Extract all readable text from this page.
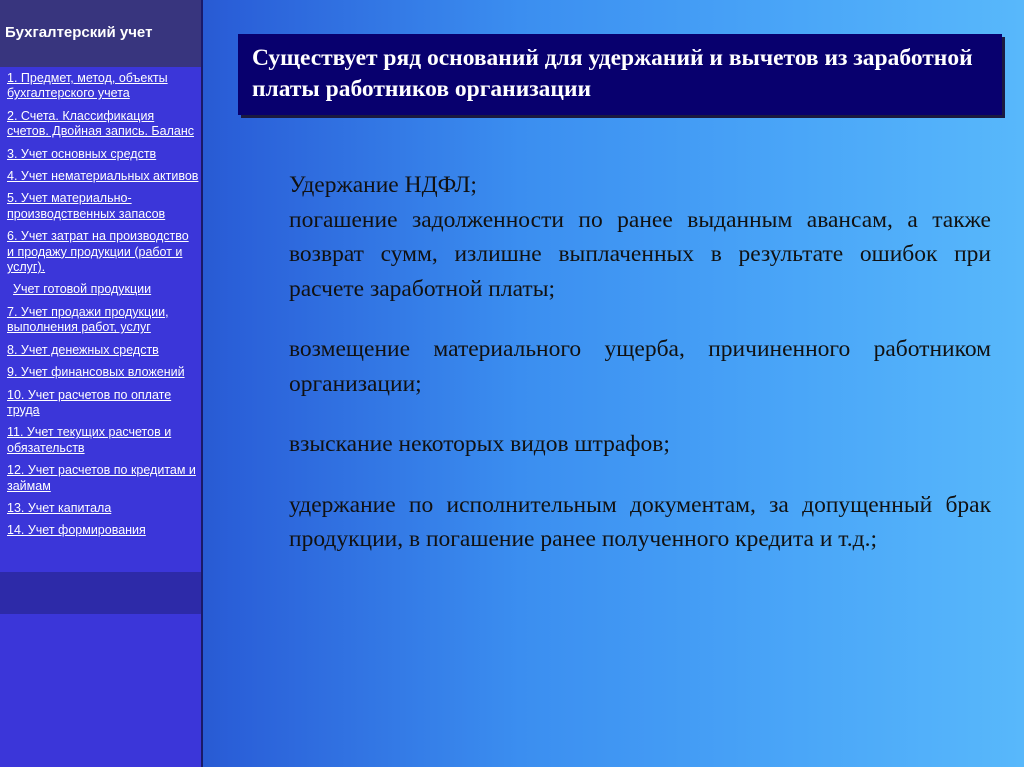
Бухгалтерский учет
1. Предмет, метод, объекты бухгалтерского учета
2. Счета. Классификация счетов. Двойная запись. Баланс
3. Учет основных средств
4. Учет нематериальных активов
5. Учет материально-производственных запасов
6. Учет затрат на производство и продажу продукции (работ и услуг).
Учет готовой продукции
7. Учет продажи продукции, выполнения работ, услуг
8. Учет денежных средств
9. Учет финансовых вложений
10. Учет расчетов по оплате труда
11. Учет текущих расчетов и обязательств
12. Учет расчетов по кредитам и займам
13. Учет капитала
14. Учет формирования
Существует ряд оснований для удержаний и вычетов из заработной платы работников организации

Удержание НДФЛ;

погашение задолженности по ранее выданным авансам, а также возврат сумм, излишне выплаченных в результате ошибок при расчете заработной платы;

возмещение материального ущерба, причиненного работником организации;

взыскание некоторых видов штрафов;

удержание по исполнительным документам, за допущенный брак продукции, в погашение ранее полученного кредита и т.д.;
